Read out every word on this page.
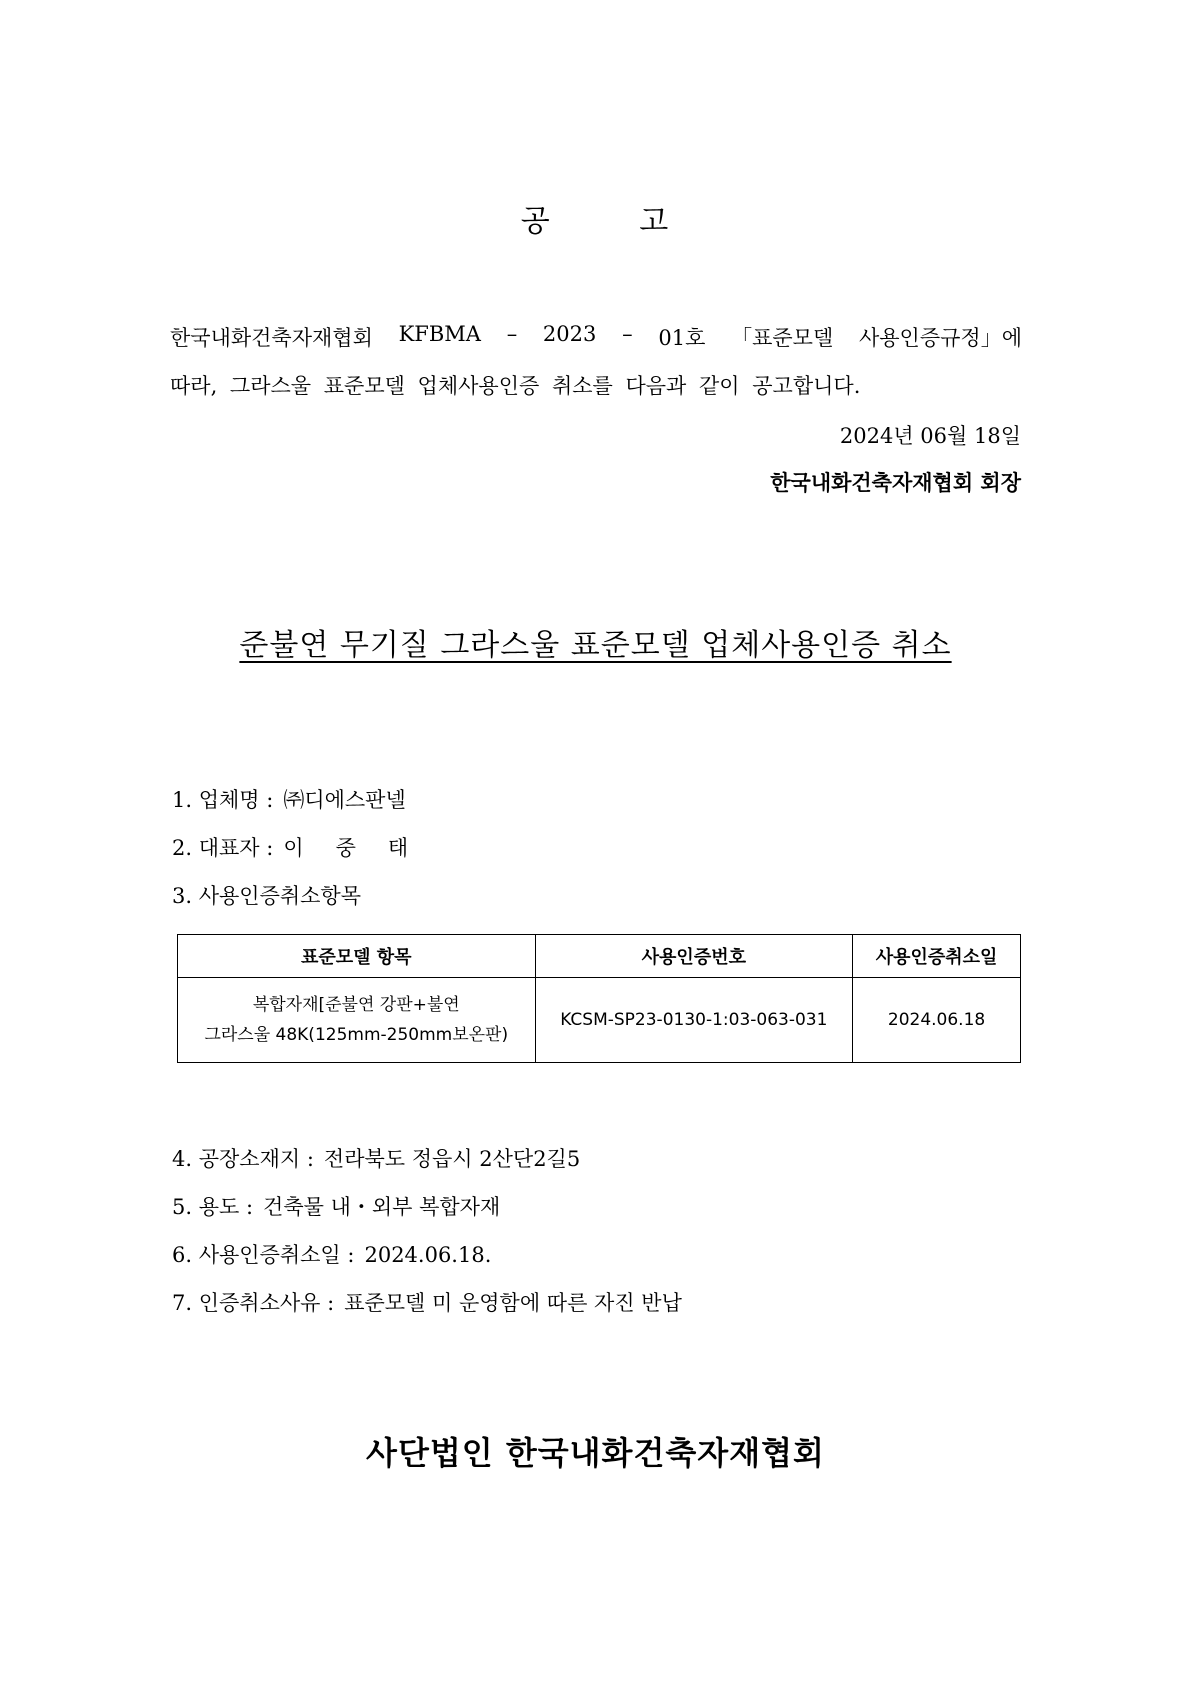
공	고
한국내화건축자재협회 KFBMA – 2023 – 01호 「표준모델 사용인증규정」에
따라, 그라스울 표준모델 업체사용인증 취소를 다음과 같이 공고합니다.
2024년 06월 18일
한국내화건축자재협회 회장
준불연 무기질 그라스울 표준모델 업체사용인증 취소
1. 업체명 : ㈜디에스판넬
2. 대표자 : 이 중 태
3. 사용인증취소항목
표준모델 항목	사용인증번호	사용인증취소일

복합자재[준불연 강판+불연
그라스울 48K(125mm-250mm보온판)	KCSM-SP23-0130-1:03-063-031	2024.06.18
4. 공장소재지 : 전라북도 정읍시 2산단2길5
5. 용도 : 건축물 내・외부 복합자재
6. 사용인증취소일 : 2024.06.18.
7. 인증취소사유 : 표준모델 미 운영함에 따른 자진 반납
사단법인 한국내화건축자재협회
